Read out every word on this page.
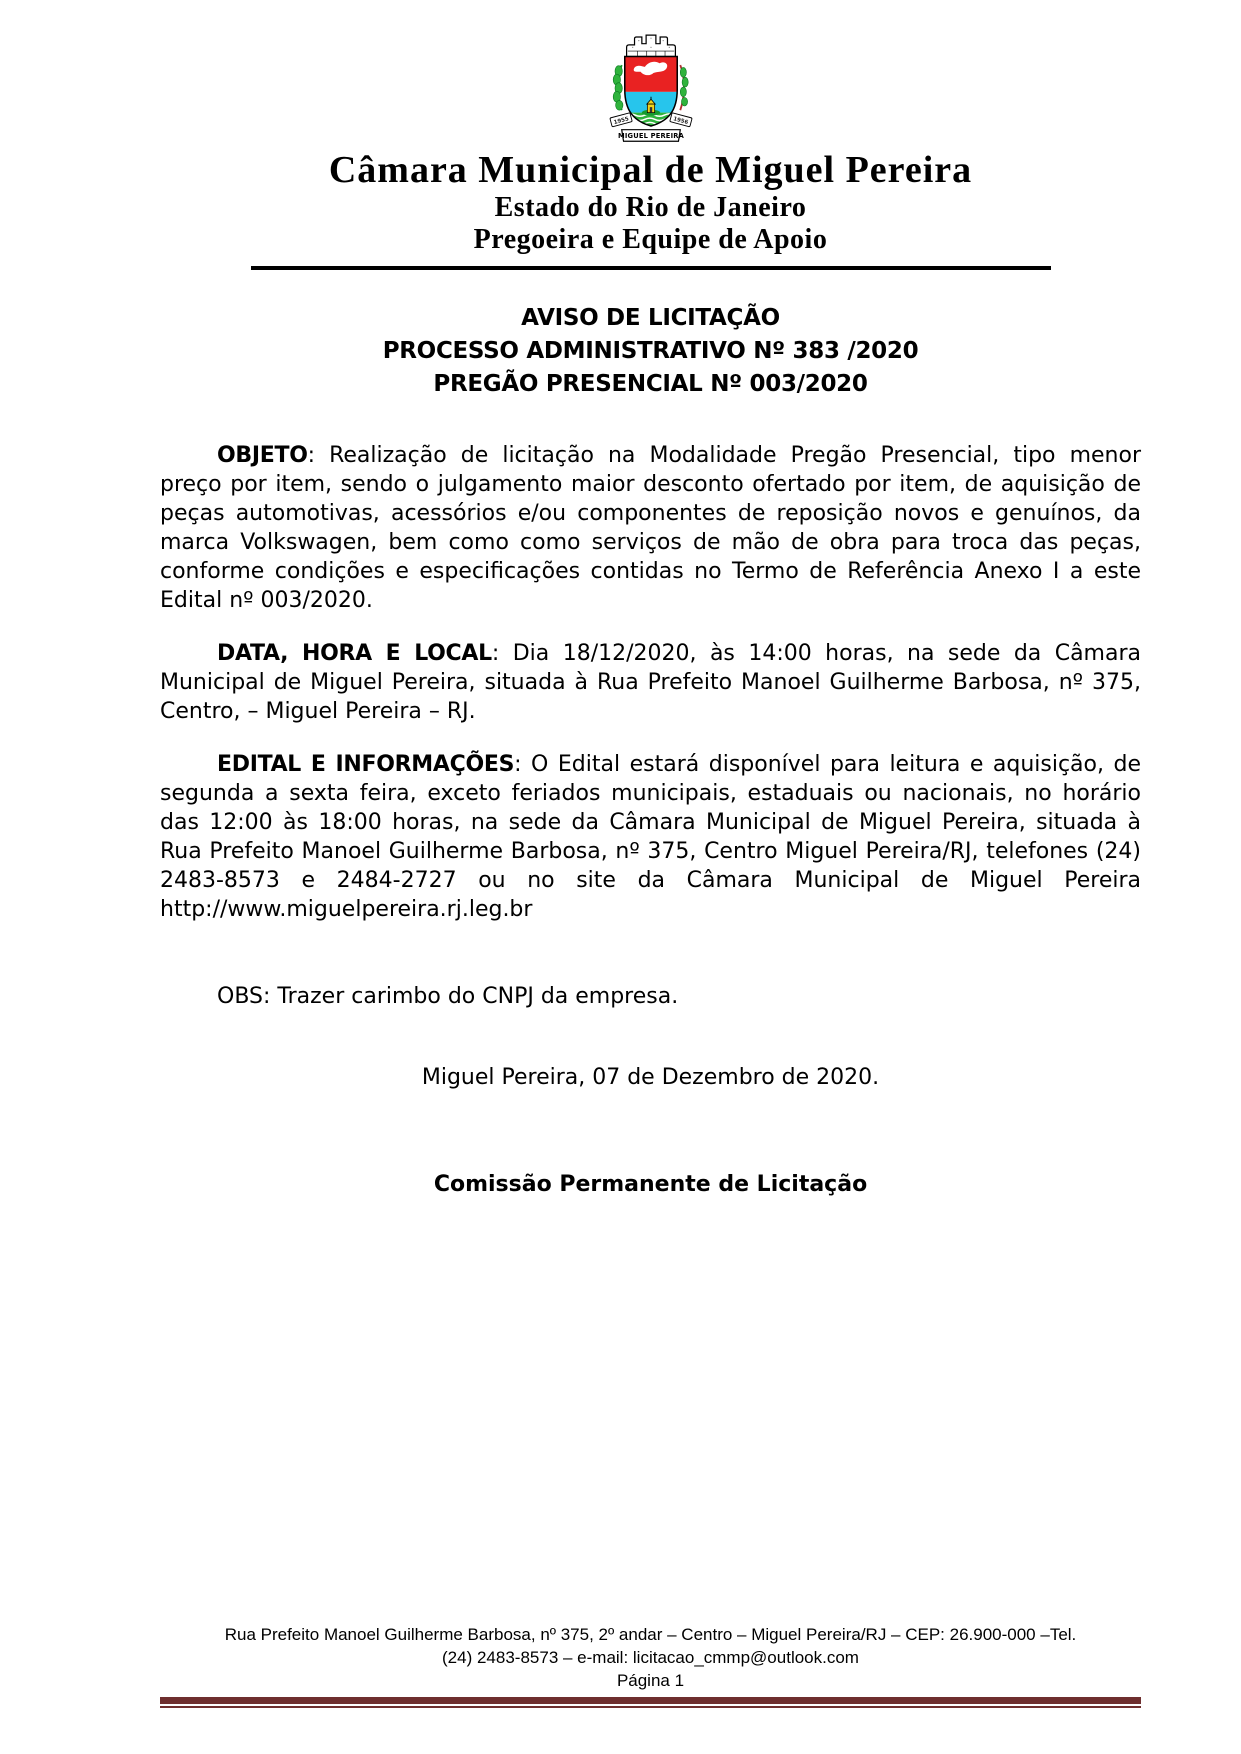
1955	1956
MIGUEL PEREIRA
Câmara Municipal de Miguel Pereira
Estado do Rio de Janeiro
Pregoeira e Equipe de Apoio
AVISO DE LICITAÇÃO
PROCESSO ADMINISTRATIVO Nº 383 /2020
PREGÃO PRESENCIAL Nº 003/2020

OBJETO: Realização de licitação na Modalidade Pregão Presencial, tipo menor preço por item, sendo o julgamento maior desconto ofertado por item, de aquisição de peças automotivas, acessórios e/ou componentes de reposição novos e genuínos, da marca Volkswagen, bem como como serviços de mão de obra para troca das peças, conforme condições e especificações contidas no Termo de Referência Anexo I a este Edital nº 003/2020.

DATA, HORA E LOCAL: Dia 18/12/2020, às 14:00 horas, na sede da Câmara Municipal de Miguel Pereira, situada à Rua Prefeito Manoel Guilherme Barbosa, nº 375, Centro, – Miguel Pereira – RJ.

EDITAL E INFORMAÇÕES: O Edital estará disponível para leitura e aquisição, de segunda a sexta feira, exceto feriados municipais, estaduais ou nacionais, no horário das 12:00 às 18:00 horas, na sede da Câmara Municipal de Miguel Pereira, situada à Rua Prefeito Manoel Guilherme Barbosa, nº 375, Centro Miguel Pereira/RJ, telefones (24) 2483-8573 e 2484-2727 ou no site da Câmara Municipal de Miguel Pereira http://www.miguelpereira.rj.leg.br

OBS: Trazer carimbo do CNPJ da empresa.

Miguel Pereira, 07 de Dezembro de 2020.

Comissão Permanente de Licitação

Rua Prefeito Manoel Guilherme Barbosa, nº 375, 2º andar – Centro – Miguel Pereira/RJ – CEP: 26.900-000 –Tel.
(24) 2483-8573 – e-mail: licitacao_cmmp@outlook.com
Página 1
